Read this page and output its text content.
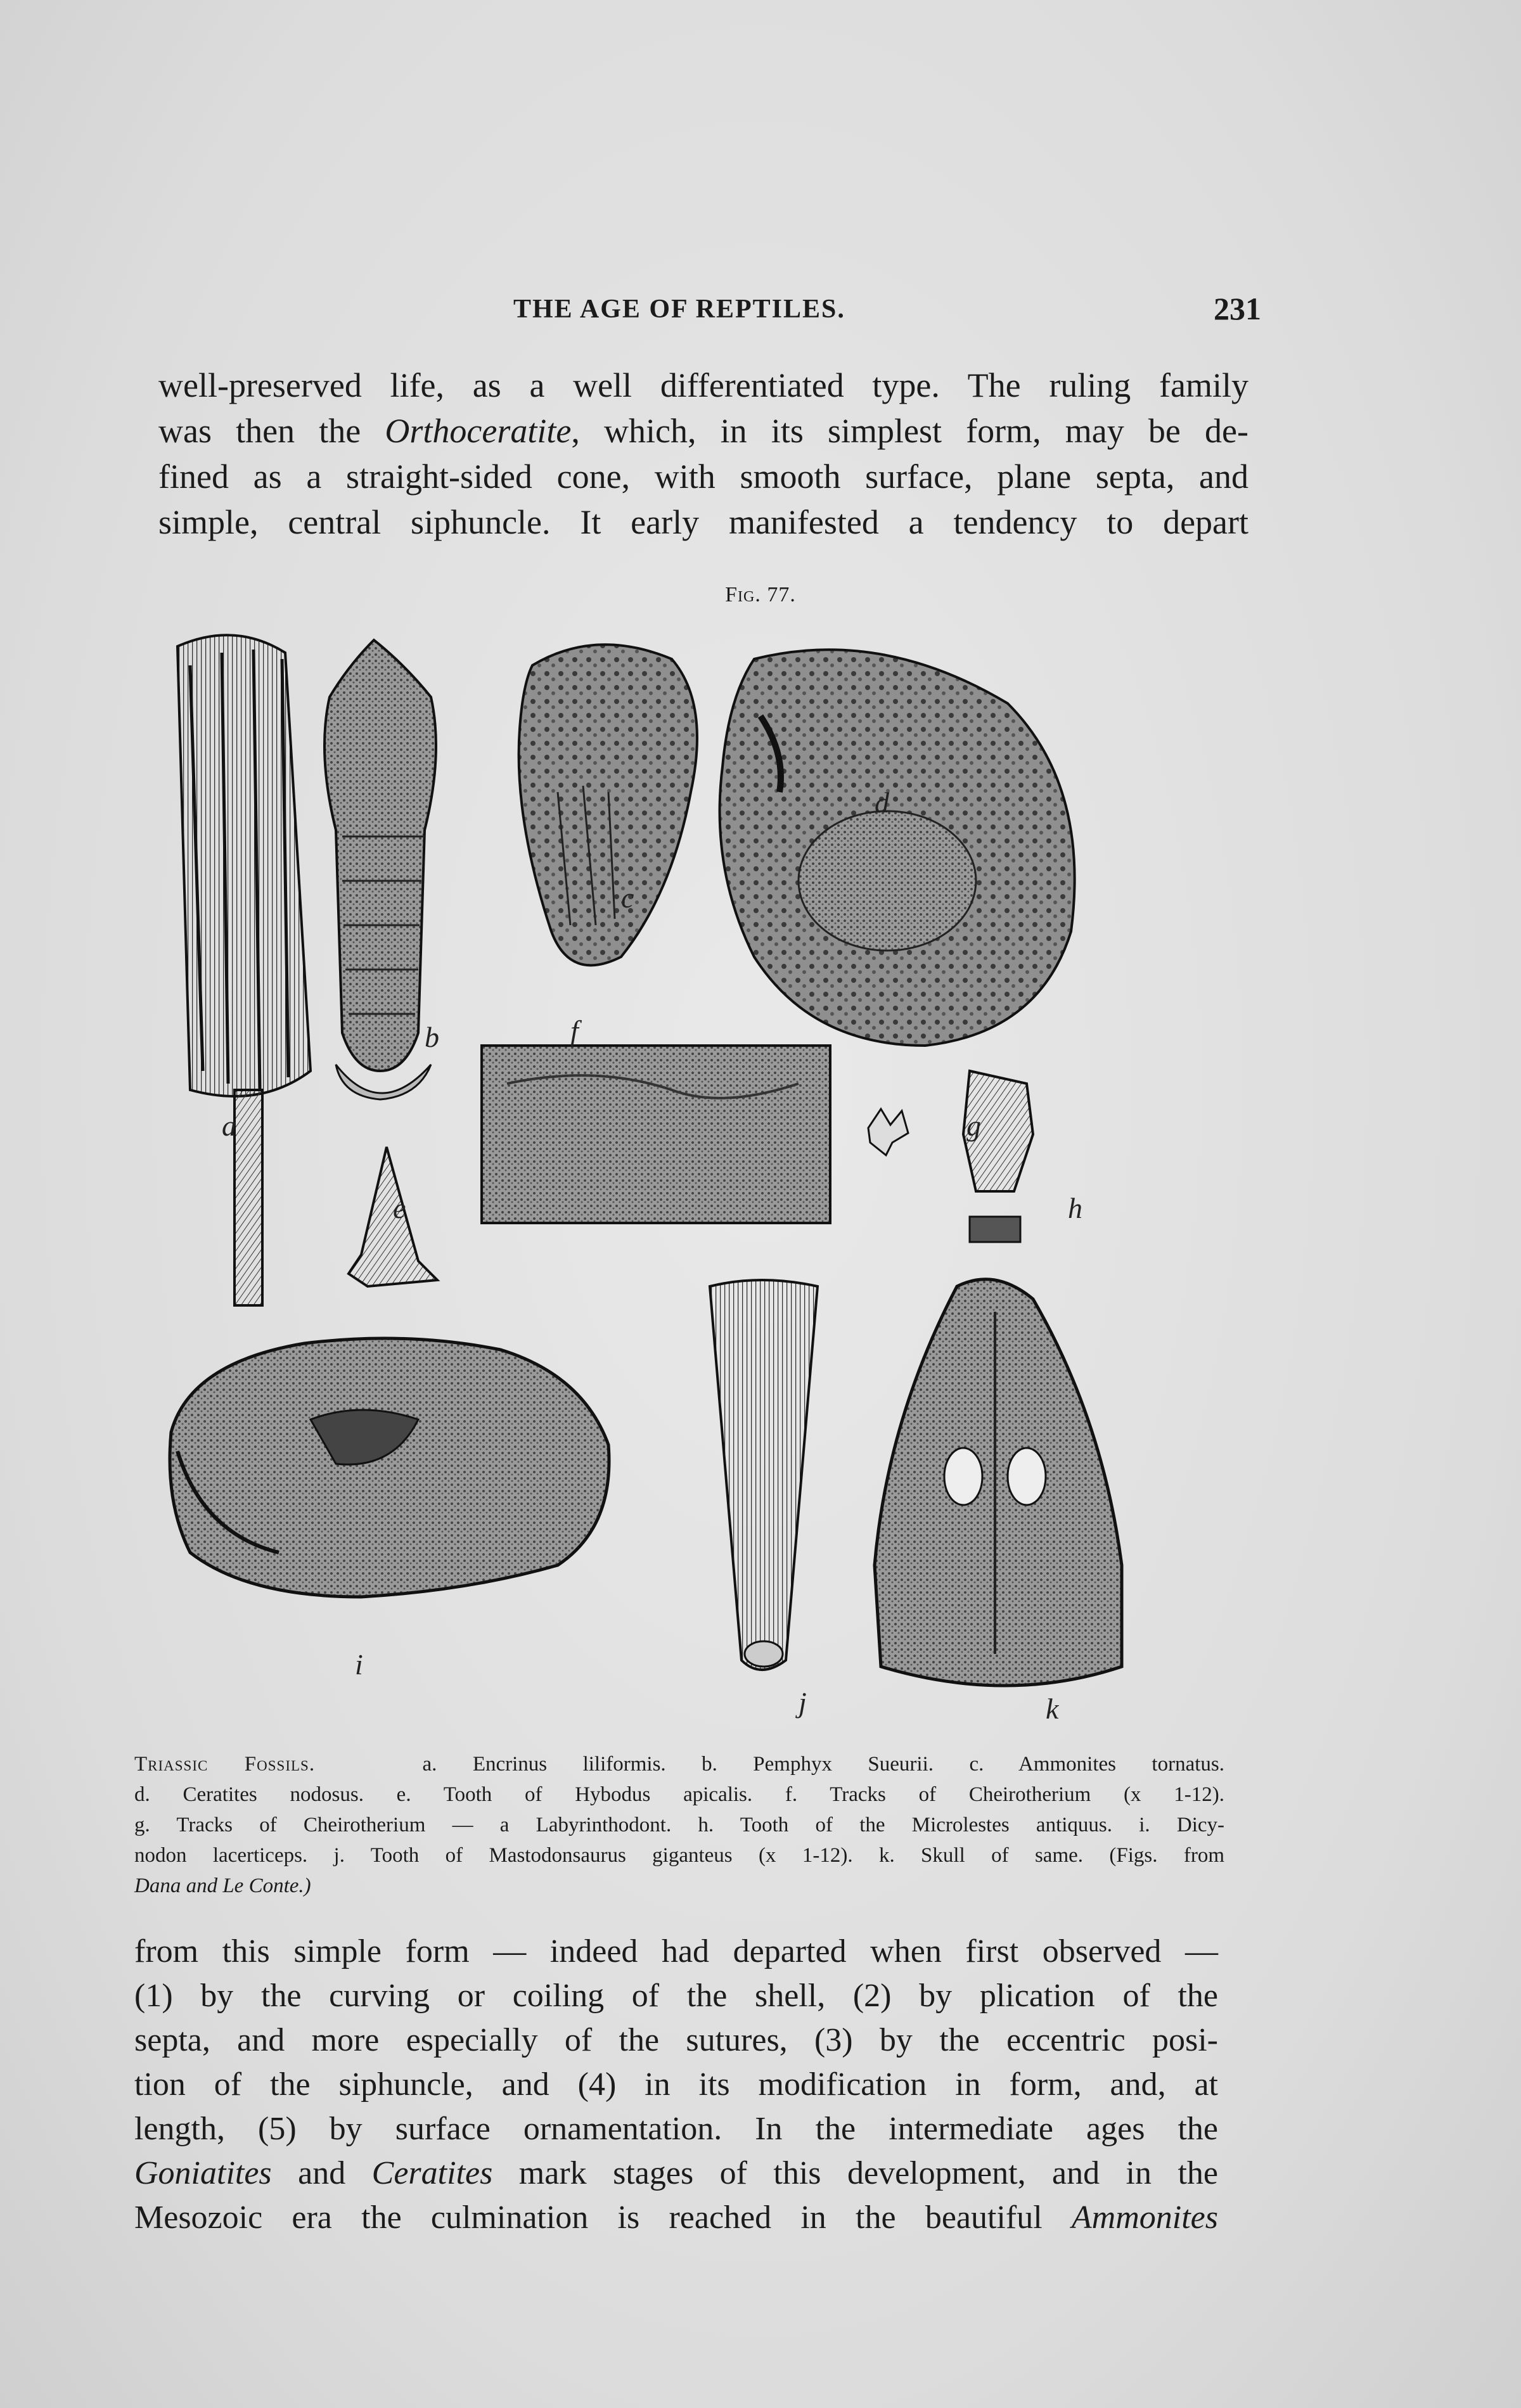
THE AGE OF REPTILES.	231
well-preserved life, as a well differentiated type. The ruling family
was then the Orthoceratite, which, in its simplest form, may be de-
fined as a straight-sided cone, with smooth surface, plane septa, and
simple, central siphuncle. It early manifested a tendency to depart
Fig. 77.
a
b
c
d
e
f
g
h
i
j	k
Triassic Fossils.	a. Encrinus liliformis. b. Pemphyx Sueurii. c. Ammonites tornatus.
d. Ceratites nodosus. e. Tooth of Hybodus apicalis. f. Tracks of Cheirotherium (x 1-12).
g. Tracks of Cheirotherium — a Labyrinthodont. h. Tooth of the Microlestes antiquus. i. Dicy-
nodon lacerticeps. j. Tooth of Mastodonsaurus giganteus (x 1-12). k. Skull of same. (Figs. from
Dana and Le Conte.)
from this simple form — indeed had departed when first observed —
(1) by the curving or coiling of the shell, (2) by plication of the
septa, and more especially of the sutures, (3) by the eccentric posi-
tion of the siphuncle, and (4) in its modification in form, and, at
length, (5) by surface ornamentation. In the intermediate ages the
Goniatites and Ceratites mark stages of this development, and in the
Mesozoic era the culmination is reached in the beautiful Ammonites
